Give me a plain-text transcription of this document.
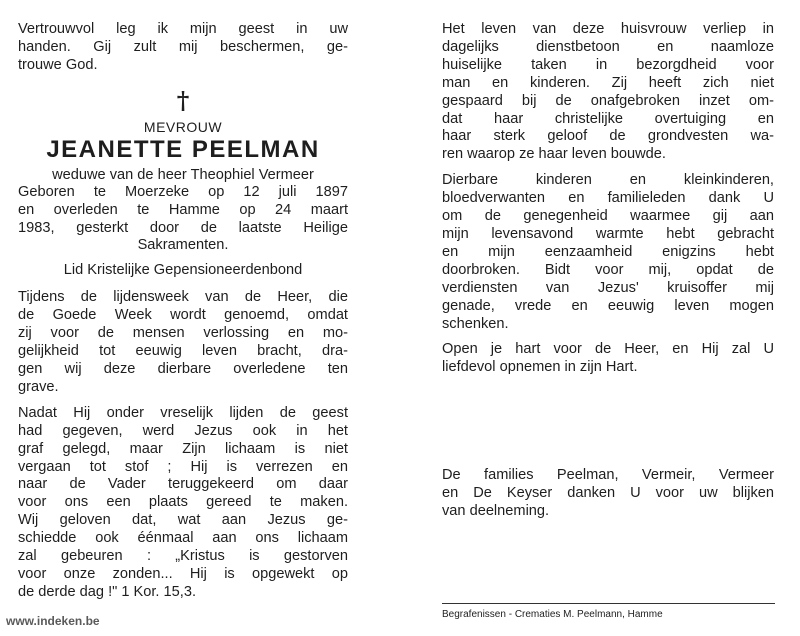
Vertrouwvol leg ik mijn geest in uw
handen. Gij zult mij beschermen, ge-
trouwe God.
†
MEVROUW
JEANETTE PEELMAN
weduwe van de heer Theophiel Vermeer
Geboren te Moerzeke op 12 juli 1897
en overleden te Hamme op 24 maart
1983, gesterkt door de laatste Heilige
Sakramenten.
Lid Kristelijke Gepensioneerdenbond
Tijdens de lijdensweek van de Heer, die
de Goede Week wordt genoemd, omdat
zij voor de mensen verlossing en mo-
gelijkheid tot eeuwig leven bracht, dra-
gen wij deze dierbare overledene ten
grave.
Nadat Hij onder vreselijk lijden de geest
had gegeven, werd Jezus ook in het
graf gelegd, maar Zijn lichaam is niet
vergaan tot stof ; Hij is verrezen en
naar de Vader teruggekeerd om daar
voor ons een plaats gereed te maken.
Wij geloven dat, wat aan Jezus ge-
schiedde ook éénmaal aan ons lichaam
zal gebeuren : „Kristus is gestorven
voor onze zonden... Hij is opgewekt op
de derde dag !" 1 Kor. 15,3.
Het leven van deze huisvrouw verliep in
dagelijks dienstbetoon en naamloze
huiselijke taken in bezorgdheid voor
man en kinderen. Zij heeft zich niet
gespaard bij de onafgebroken inzet om-
dat haar christelijke overtuiging en
haar sterk geloof de grondvesten wa-
ren waarop ze haar leven bouwde.
Dierbare kinderen en kleinkinderen,
bloedverwanten en familieleden dank U
om de genegenheid waarmee gij aan
mijn levensavond warmte hebt gebracht
en mijn eenzaamheid enigzins hebt
doorbroken. Bidt voor mij, opdat de
verdiensten van Jezus' kruisoffer mij
genade, vrede en eeuwig leven mogen
schenken.
Open je hart voor de Heer, en Hij zal U
liefdevol opnemen in zijn Hart.
De families Peelman, Vermeir, Vermeer
en De Keyser danken U voor uw blijken
van deelneming.
Begrafenissen - Crematies M. Peelmann, Hamme
www.indeken.be
